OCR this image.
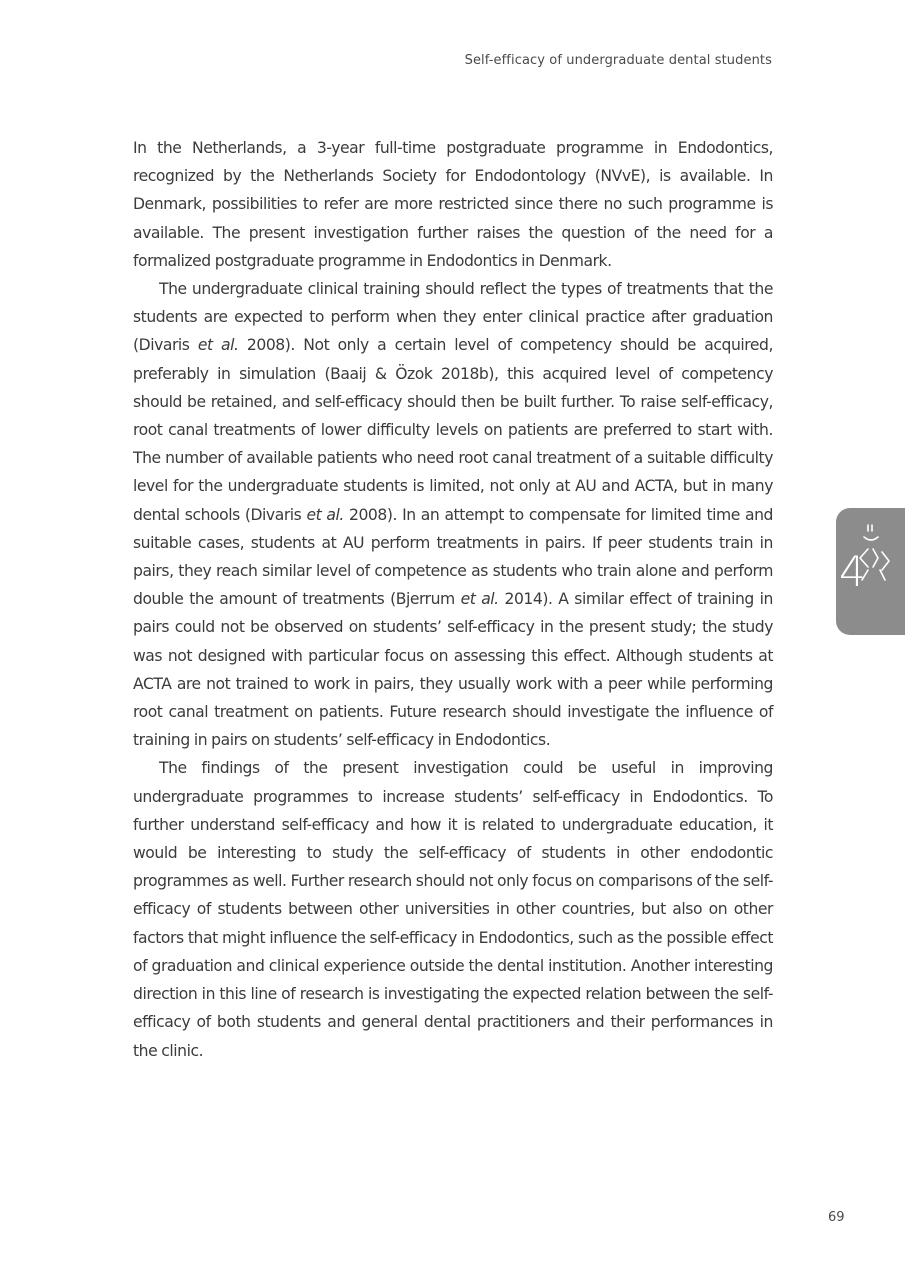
Self-efficacy of undergraduate dental students

In the Netherlands, a 3-year full-time postgraduate programme in Endodontics, recognized by the Netherlands Society for Endodontology (NVvE), is available. In Denmark, possibilities to refer are more restricted since there no such programme is available. The present investigation further raises the question of the need for a formalized postgraduate programme in Endodontics in Denmark.

The undergraduate clinical training should reflect the types of treatments that the students are expected to perform when they enter clinical practice after graduation (Divaris et al. 2008). Not only a certain level of competency should be acquired, preferably in simulation (Baaij & Özok 2018b), this acquired level of competency should be retained, and self-efficacy should then be built further. To raise self-efficacy, root canal treatments of lower difficulty levels on patients are preferred to start with. The number of available patients who need root canal treatment of a suitable difficulty level for the undergraduate students is limited, not only at AU and ACTA, but in many dental schools (Divaris et al. 2008). In an attempt to compensate for limited time and suitable cases, students at AU perform treatments in pairs. If peer students train in pairs, they reach similar level of competence as students who train alone and perform double the amount of treatments (Bjerrum et al. 2014). A similar effect of training in pairs could not be observed on students’ self-efficacy in the present study; the study was not designed with particular focus on assessing this effect. Although students at ACTA are not trained to work in pairs, they usually work with a peer while performing root canal treatment on patients. Future research should investigate the influence of training in pairs on students’ self-efficacy in Endodontics.

The findings of the present investigation could be useful in improving undergraduate programmes to increase students’ self-efficacy in Endodontics. To further understand self-efficacy and how it is related to undergraduate education, it would be interesting to study the self-efficacy of students in other endodontic programmes as well. Further research should not only focus on comparisons of the self-efficacy of students between other universities in other countries, but also on other factors that might influence the self-efficacy in Endodontics, such as the possible effect of graduation and clinical experience outside the dental institution. Another interesting direction in this line of research is investigating the expected relation between the self-efficacy of both students and general dental practitioners and their performances in the clinic.

4
69
